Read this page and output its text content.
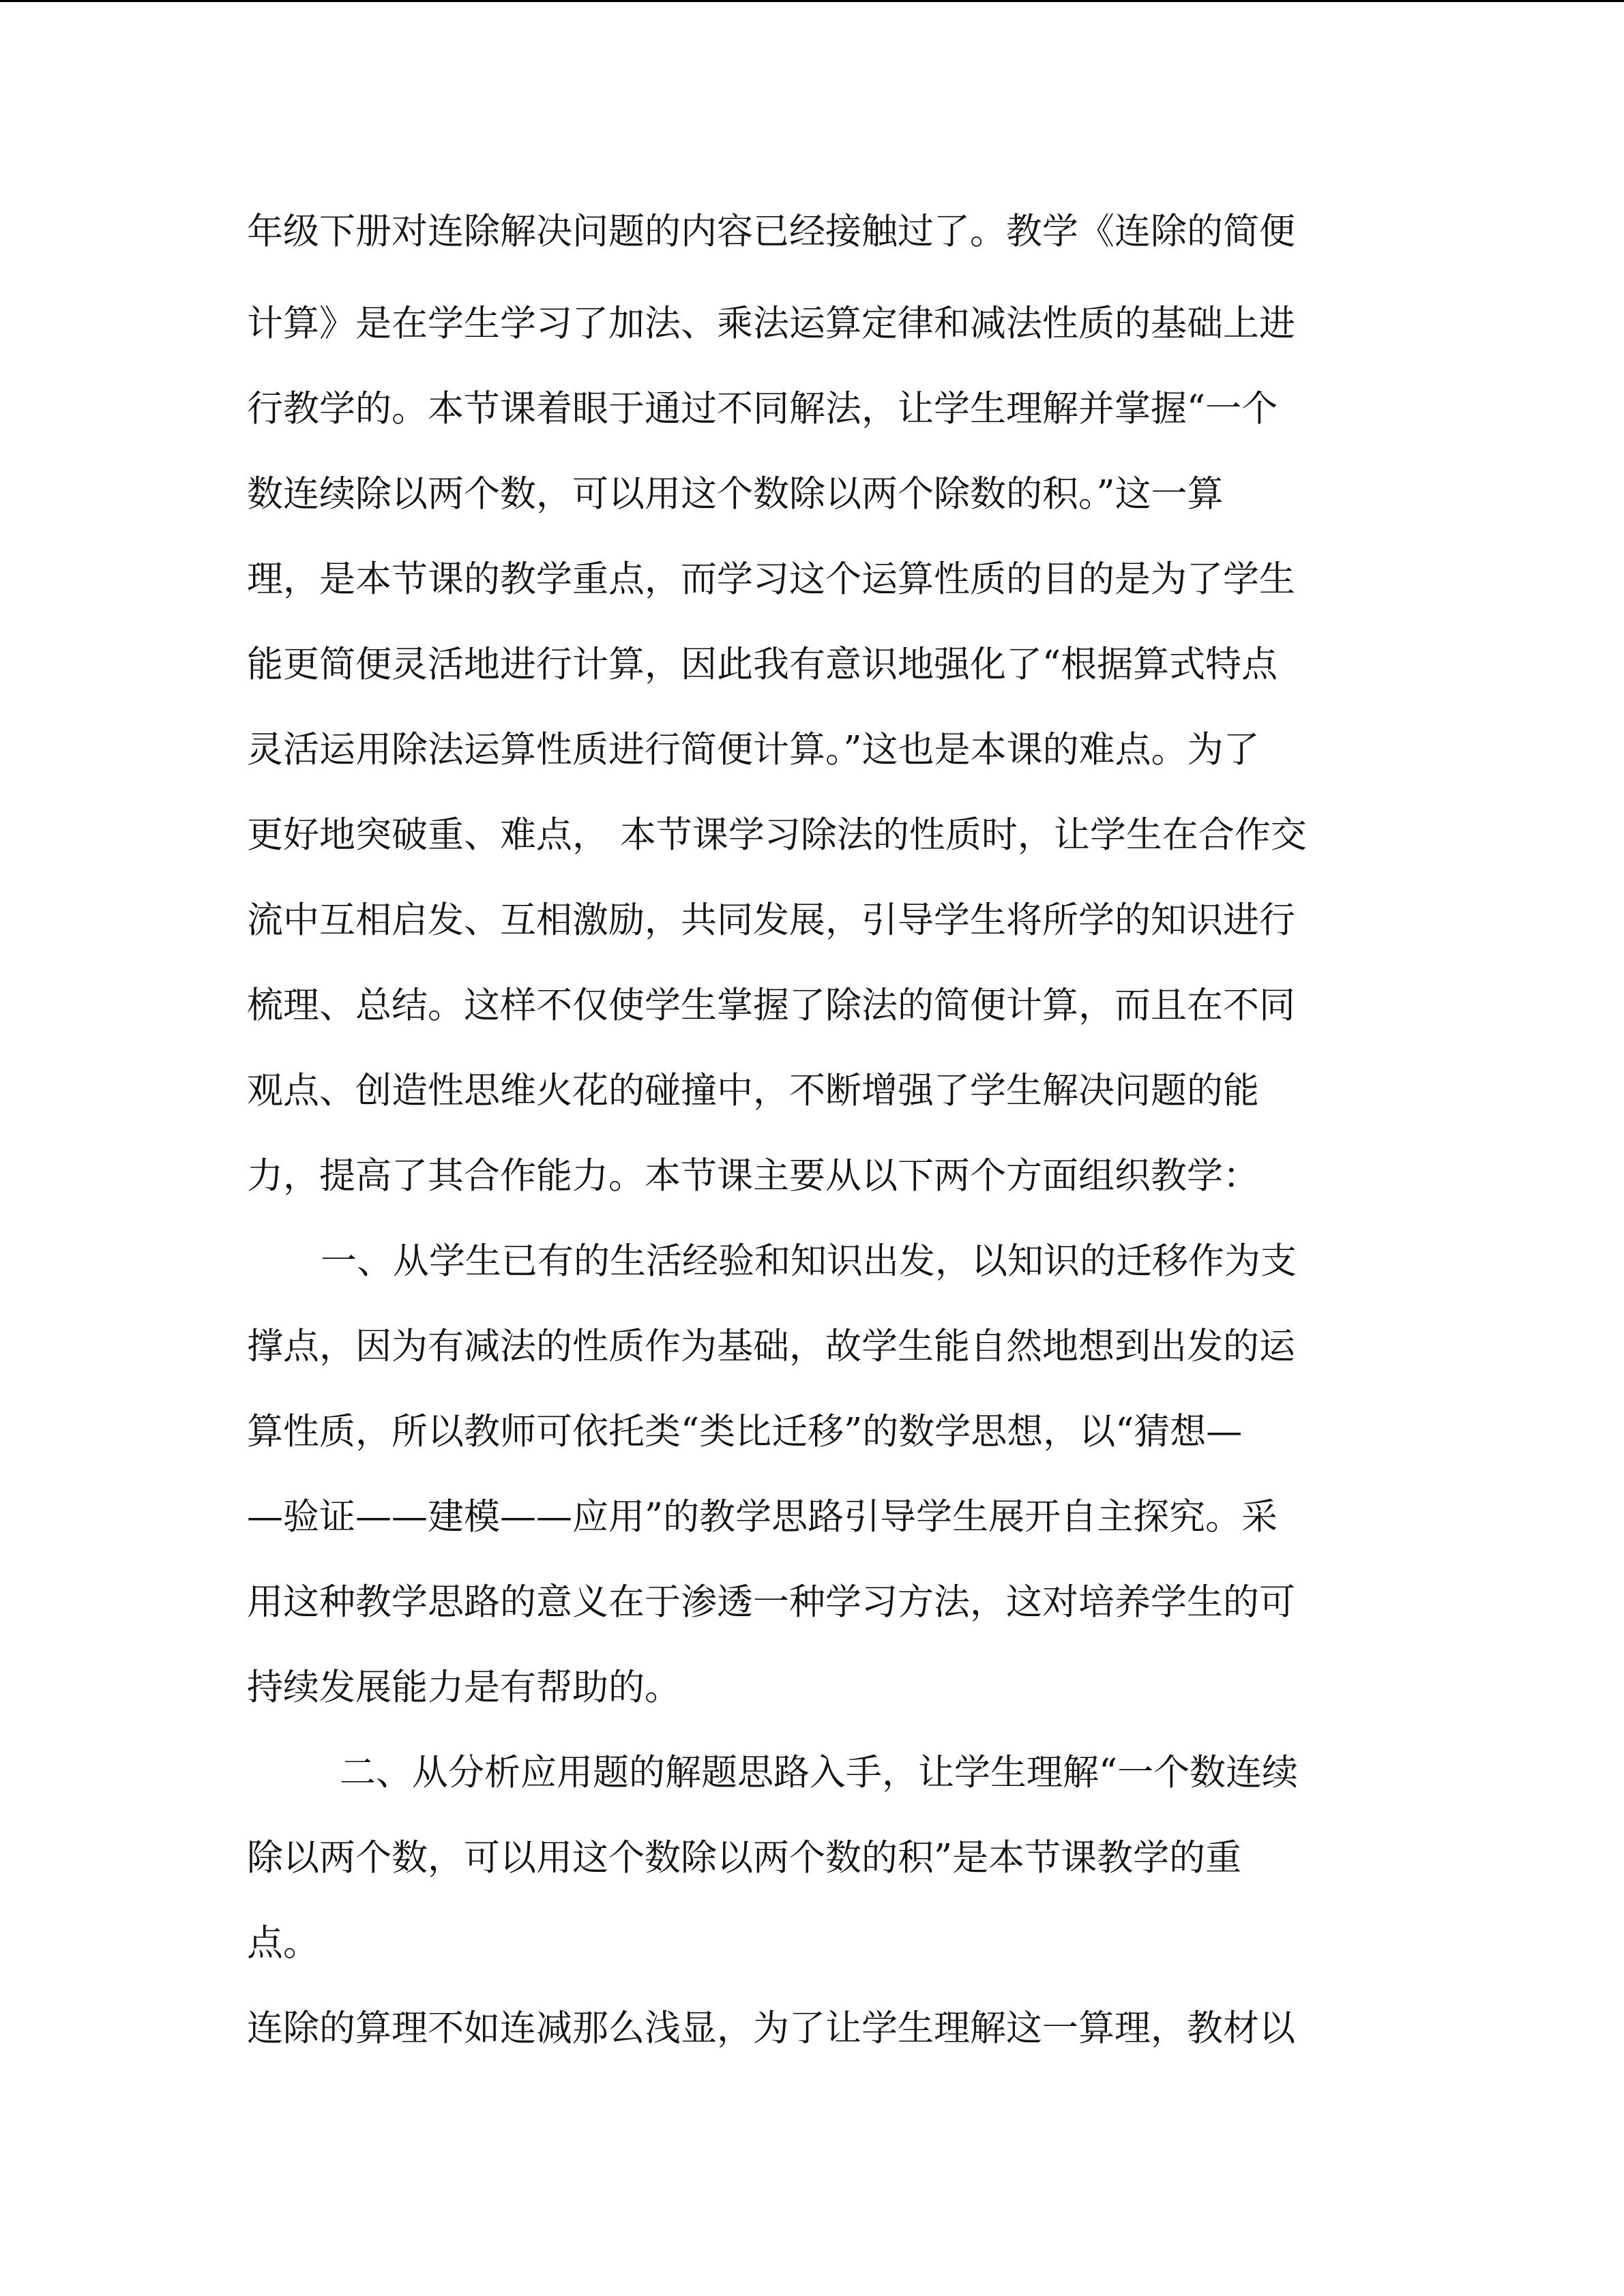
年级下册对连除解决问题的内容已经接触过了。教学《连除的简便
计算》是在学生学习了加法、乘法运算定律和减法性质的基础上进
行教学的。本节课着眼于通过不同解法，让学生理解并掌握“一个
数连续除以两个数，可以用这个数除以两个除数的积。”这一算
理，是本节课的教学重点，而学习这个运算性质的目的是为了学生
能更简便灵活地进行计算，因此我有意识地强化了“根据算式特点
灵活运用除法运算性质进行简便计算。”这也是本课的难点。为了
更好地突破重、难点， 本节课学习除法的性质时，让学生在合作交
流中互相启发、互相激励，共同发展，引导学生将所学的知识进行
梳理、总结。这样不仅使学生掌握了除法的简便计算，而且在不同
观点、创造性思维火花的碰撞中，不断增强了学生解决问题的能
力，提高了其合作能力。本节课主要从以下两个方面组织教学：
一、从学生已有的生活经验和知识出发，以知识的迁移作为支
撑点，因为有减法的性质作为基础，故学生能自然地想到出发的运
算性质，所以教师可依托类“类比迁移”的数学思想，以“猜想—
—验证——建模——应用”的教学思路引导学生展开自主探究。采
用这种教学思路的意义在于渗透一种学习方法，这对培养学生的可
持续发展能力是有帮助的。
二、从分析应用题的解题思路入手，让学生理解“一个数连续
除以两个数，可以用这个数除以两个数的积”是本节课教学的重
点。
连除的算理不如连减那么浅显，为了让学生理解这一算理，教材以
